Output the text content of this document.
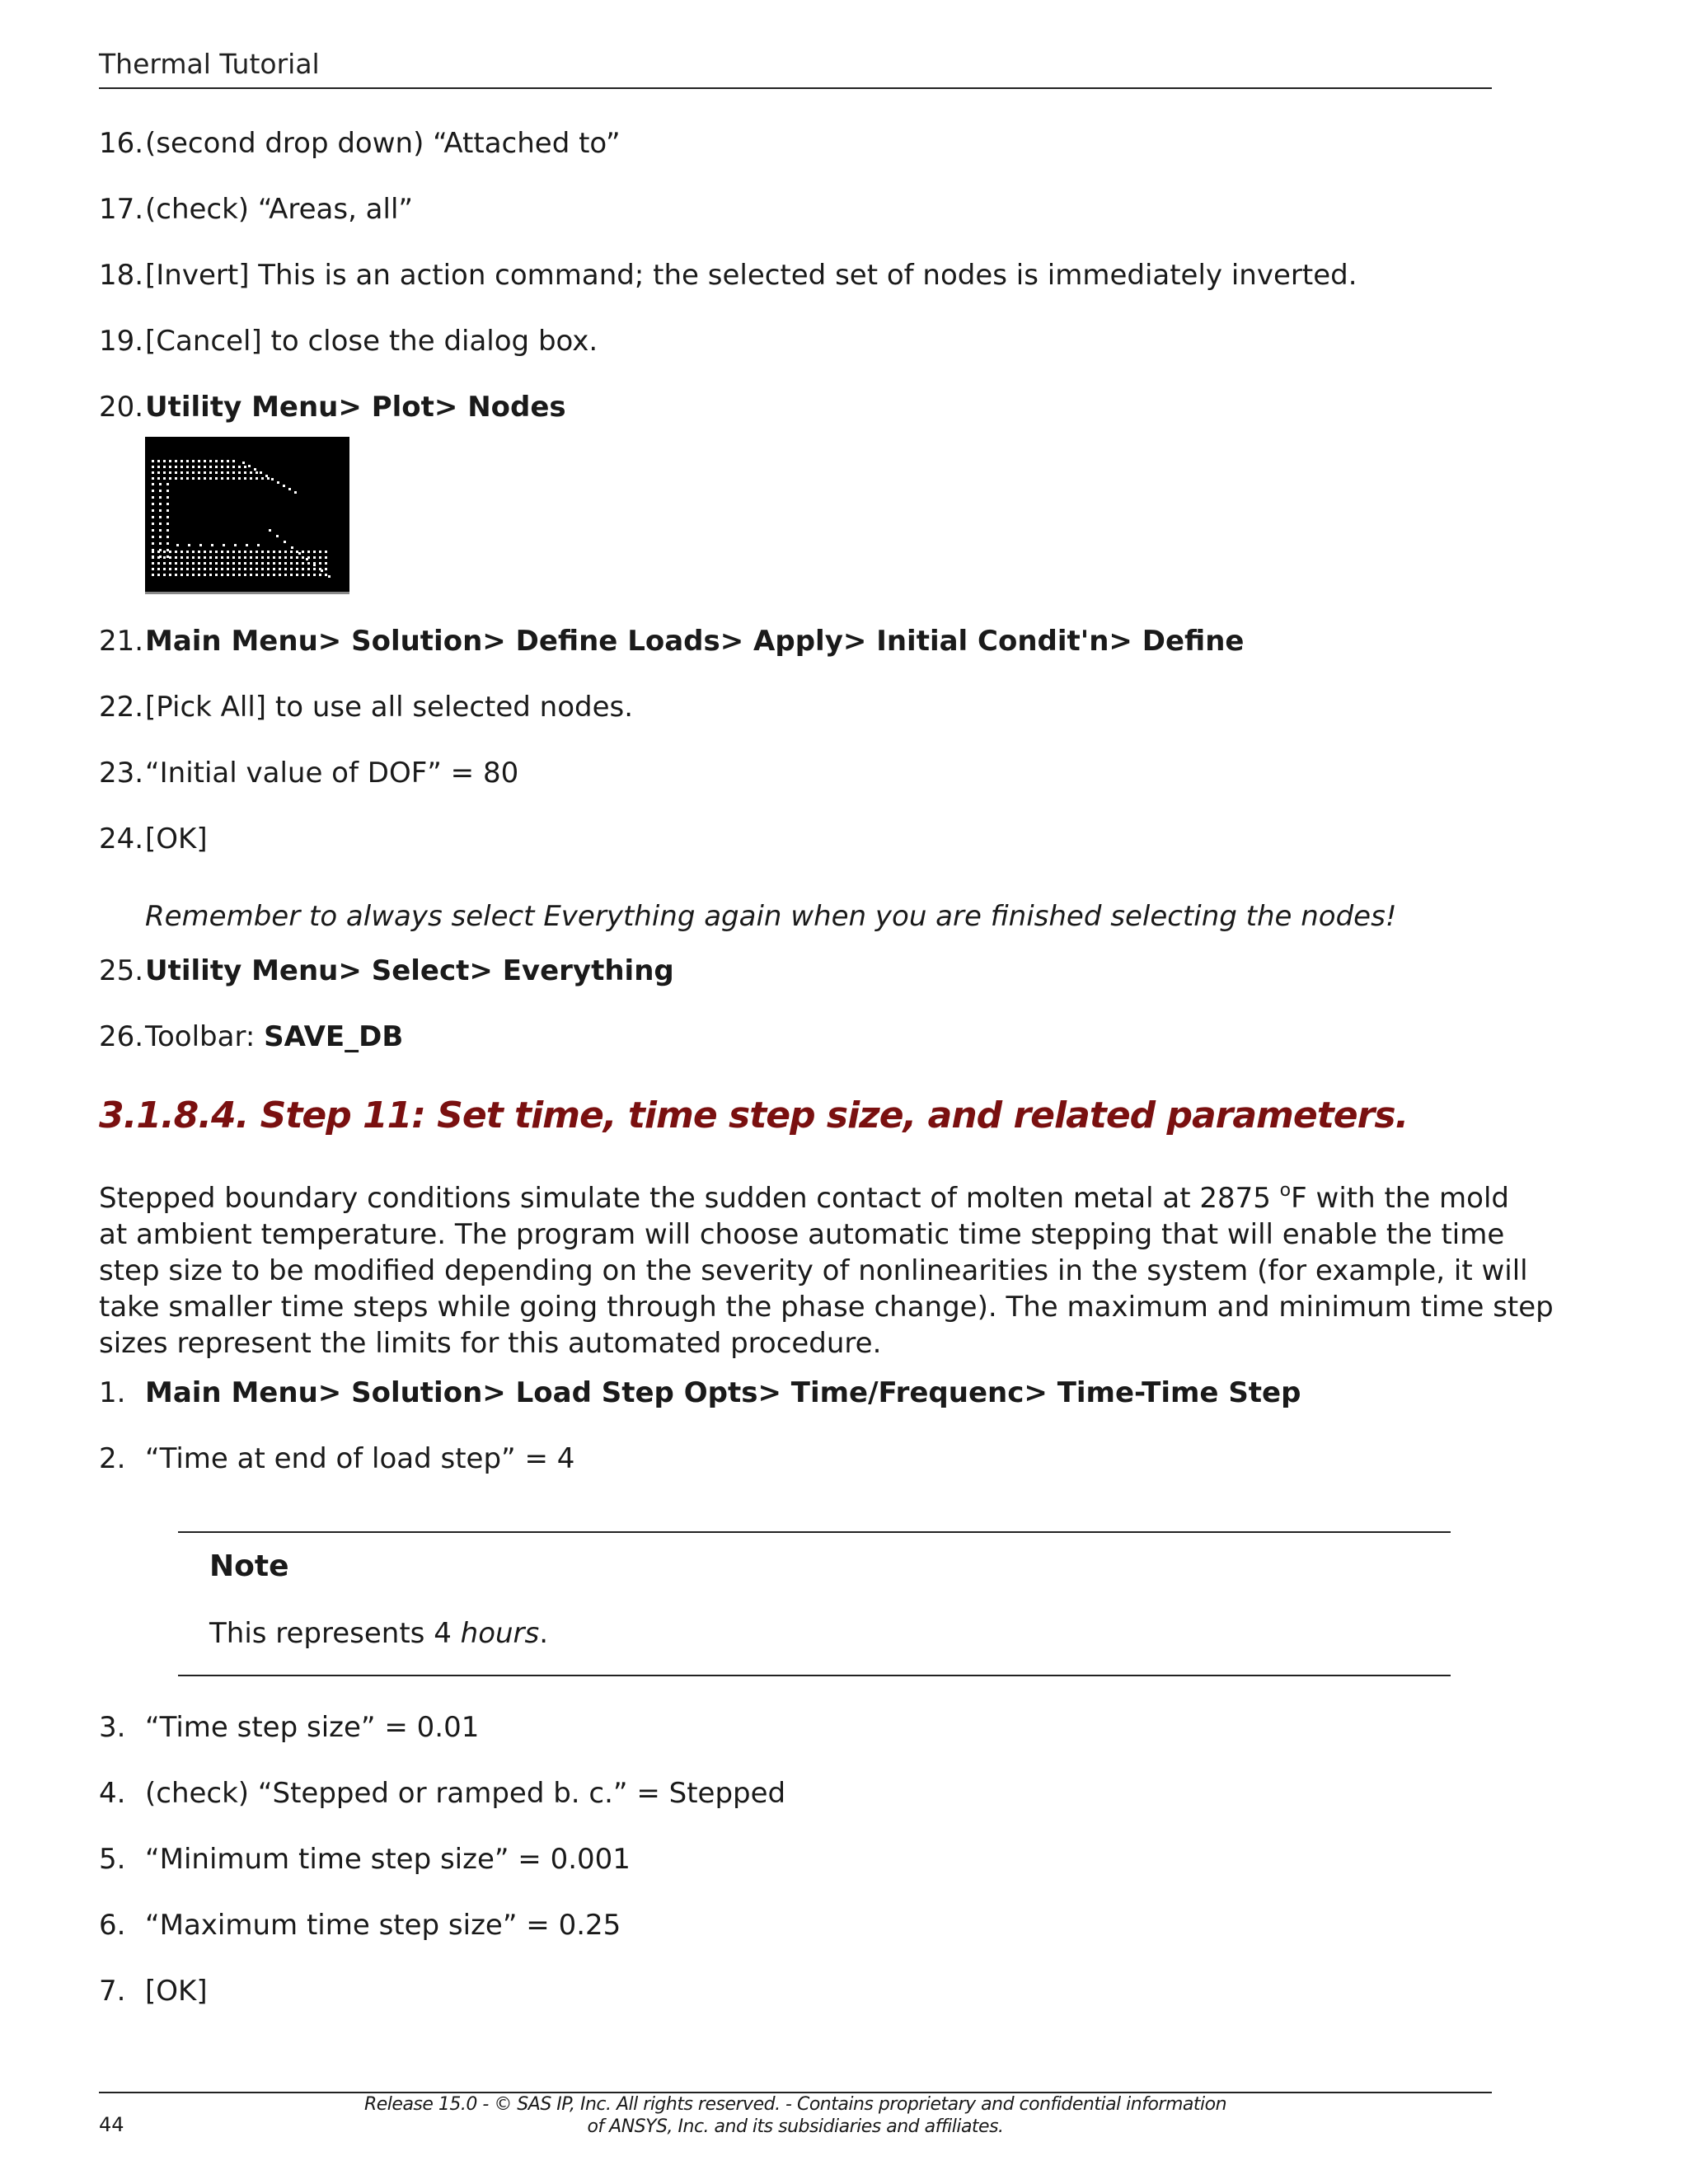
Thermal Tutorial
16.(second drop down) “Attached to”
17.(check) “Areas, all”
18.[Invert] This is an action command; the selected set of nodes is immediately inverted.
19.[Cancel] to close the dialog box.
20.Utility Menu> Plot> Nodes
21.Main Menu> Solution> Define Loads> Apply> Initial Condit'n> Define
22.[Pick All] to use all selected nodes.
23.“Initial value of DOF” = 80
24.[OK]
Remember to always select Everything again when you are finished selecting the nodes!
25.Utility Menu> Select> Everything
26.Toolbar: SAVE_DB
3.1.8.4. Step 11: Set time, time step size, and related parameters.
Stepped boundary conditions simulate the sudden contact of molten metal at 2875 $^o$F with the mold
at ambient temperature. The program will choose automatic time stepping that will enable the time
step size to be modified depending on the severity of nonlinearities in the system (for example, it will
take smaller time steps while going through the phase change). The maximum and minimum time step
sizes represent the limits for this automated procedure.
1. Main Menu> Solution> Load Step Opts> Time/Frequenc> Time-Time Step
2. “Time at end of load step” = 4
Note
This represents 4 hours.
3. “Time step size” = 0.01
4. (check) “Stepped or ramped b. c.” = Stepped
5. “Minimum time step size” = 0.001
6. “Maximum time step size” = 0.25
7. [OK]
Release 15.0 - © SAS IP, Inc. All rights reserved. - Contains proprietary and confidential information
of ANSYS, Inc. and its subsidiaries and affiliates.
44
